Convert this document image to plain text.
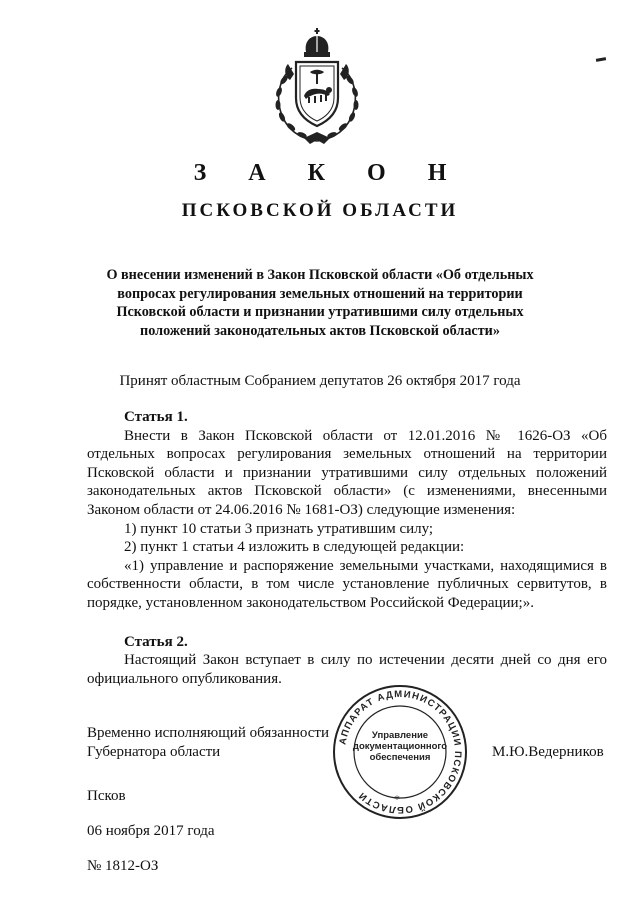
З А К О Н
ПСКОВСКОЙ ОБЛАСТИ
О внесении изменений в Закон Псковской области «Об отдельных вопросах регулирования земельных отношений на территории Псковской области и признании утратившими силу отдельных положений законодательных актов Псковской области»
Принят областным Собранием депутатов 26 октября 2017 года
Статья 1.

Внести в Закон Псковской области от 12.01.2016 № 1626-ОЗ «Об отдельных вопросах регулирования земельных отношений на территории Псковской области и признании утратившими силу отдельных положений законодательных актов Псковской области» (с изменениями, внесенными Законом области от 24.06.2016 № 1681-ОЗ) следующие изменения:

1) пункт 10 статьи 3 признать утратившим силу;

2) пункт 1 статьи 4 изложить в следующей редакции:

«1) управление и распоряжение земельными участками, находящимися в собственности области, в том числе установление публичных сервитутов, в порядке, установленном законодательством Российской Федерации;».

Статья 2.

Настоящий Закон вступает в силу по истечении десяти дней со дня его официального опубликования.

Временно исполняющий обязанности
Губернатора области
АППАРАТ АДМИНИСТРАЦИИ ПСКОВСКОЙ ОБЛАСТИ
Управление
документационного
обеспечения
*
М.Ю.Ведерников
Псков
06 ноября 2017 года
№ 1812-ОЗ
